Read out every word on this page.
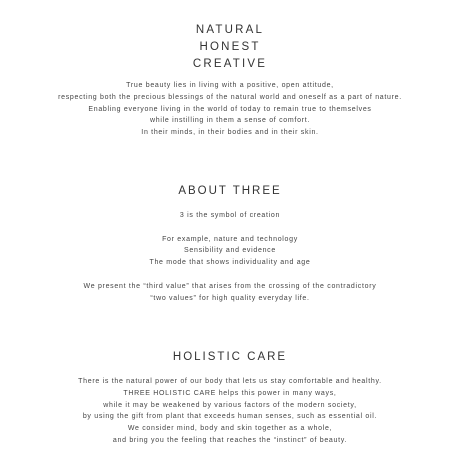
NATURAL
HONEST
CREATIVE
True beauty lies in living with a positive, open attitude,
respecting both the precious blessings of the natural world and oneself as a part of nature.
Enabling everyone living in the world of today to remain true to themselves
while instilling in them a sense of comfort.
In their minds, in their bodies and in their skin.
ABOUT THREE
3 is the symbol of creation
For example, nature and technology
Sensibility and evidence
The mode that shows individuality and age
We present the “third value” that arises from the crossing of the contradictory
“two values” for high quality everyday life.
HOLISTIC CARE
There is the natural power of our body that lets us stay comfortable and healthy.
THREE HOLISTIC CARE helps this power in many ways,
while it may be weakened by various factors of the modern society,
by using the gift from plant that exceeds human senses, such as essential oil.
We consider mind, body and skin together as a whole,
and bring you the feeling that reaches the “instinct” of beauty.
